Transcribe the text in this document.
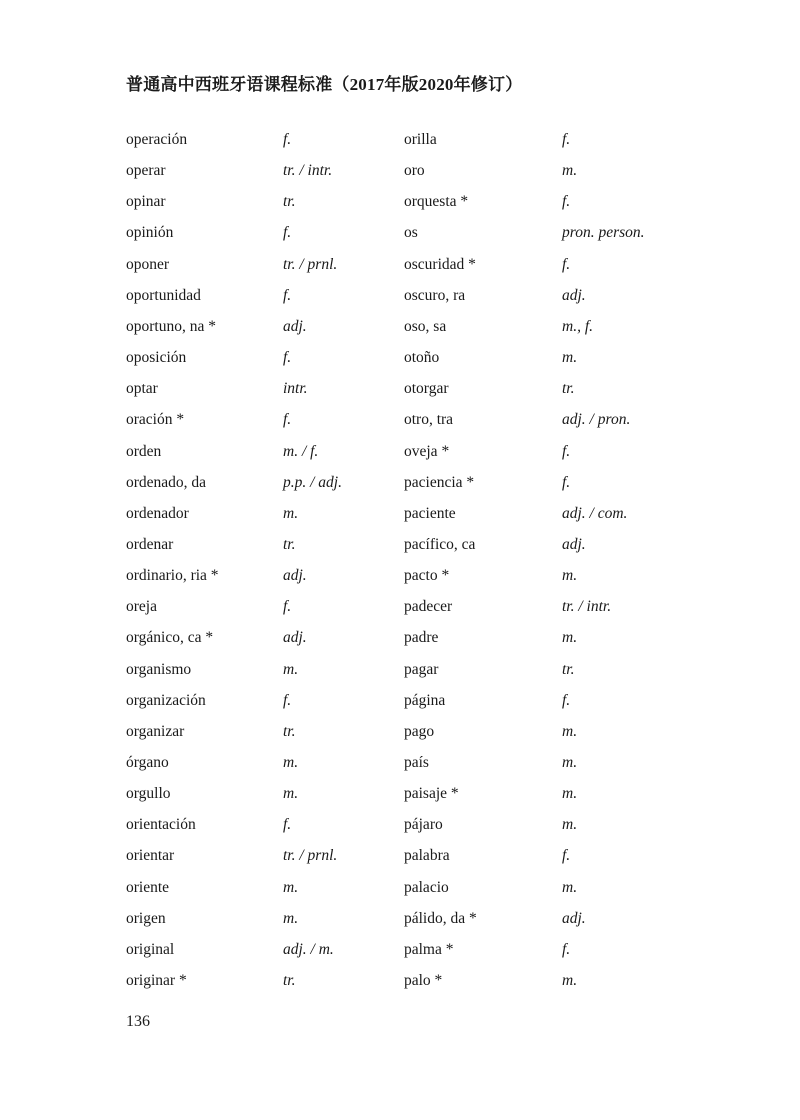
普通高中西班牙语课程标准（2017年版2020年修订）
operación	f.
operar	tr. / intr.
opinar	tr.
opinión	f.
oponer	tr. / prnl.
oportunidad	f.
oportuno, na *	adj.
oposición	f.
optar	intr.
oración *	f.
orden	m. / f.
ordenado, da	p.p. / adj.
ordenador	m.
ordenar	tr.
ordinario, ria *	adj.
oreja	f.
orgánico, ca *	adj.
organismo	m.
organización	f.
organizar	tr.
órgano	m.
orgullo	m.
orientación	f.
orientar	tr. / prnl.
oriente	m.
origen	m.
original	adj. / m.
originar *	tr.
orilla	f.
oro	m.
orquesta *	f.
os	pron. person.
oscuridad *	f.
oscuro, ra	adj.
oso, sa	m., f.
otoño	m.
otorgar	tr.
otro, tra	adj. / pron.
oveja *	f.
paciencia *	f.
paciente	adj. / com.
pacífico, ca	adj.
pacto *	m.
padecer	tr. / intr.
padre	m.
pagar	tr.
página	f.
pago	m.
país	m.
paisaje *	m.
pájaro	m.
palabra	f.
palacio	m.
pálido, da *	adj.
palma *	f.
palo *	m.
136
